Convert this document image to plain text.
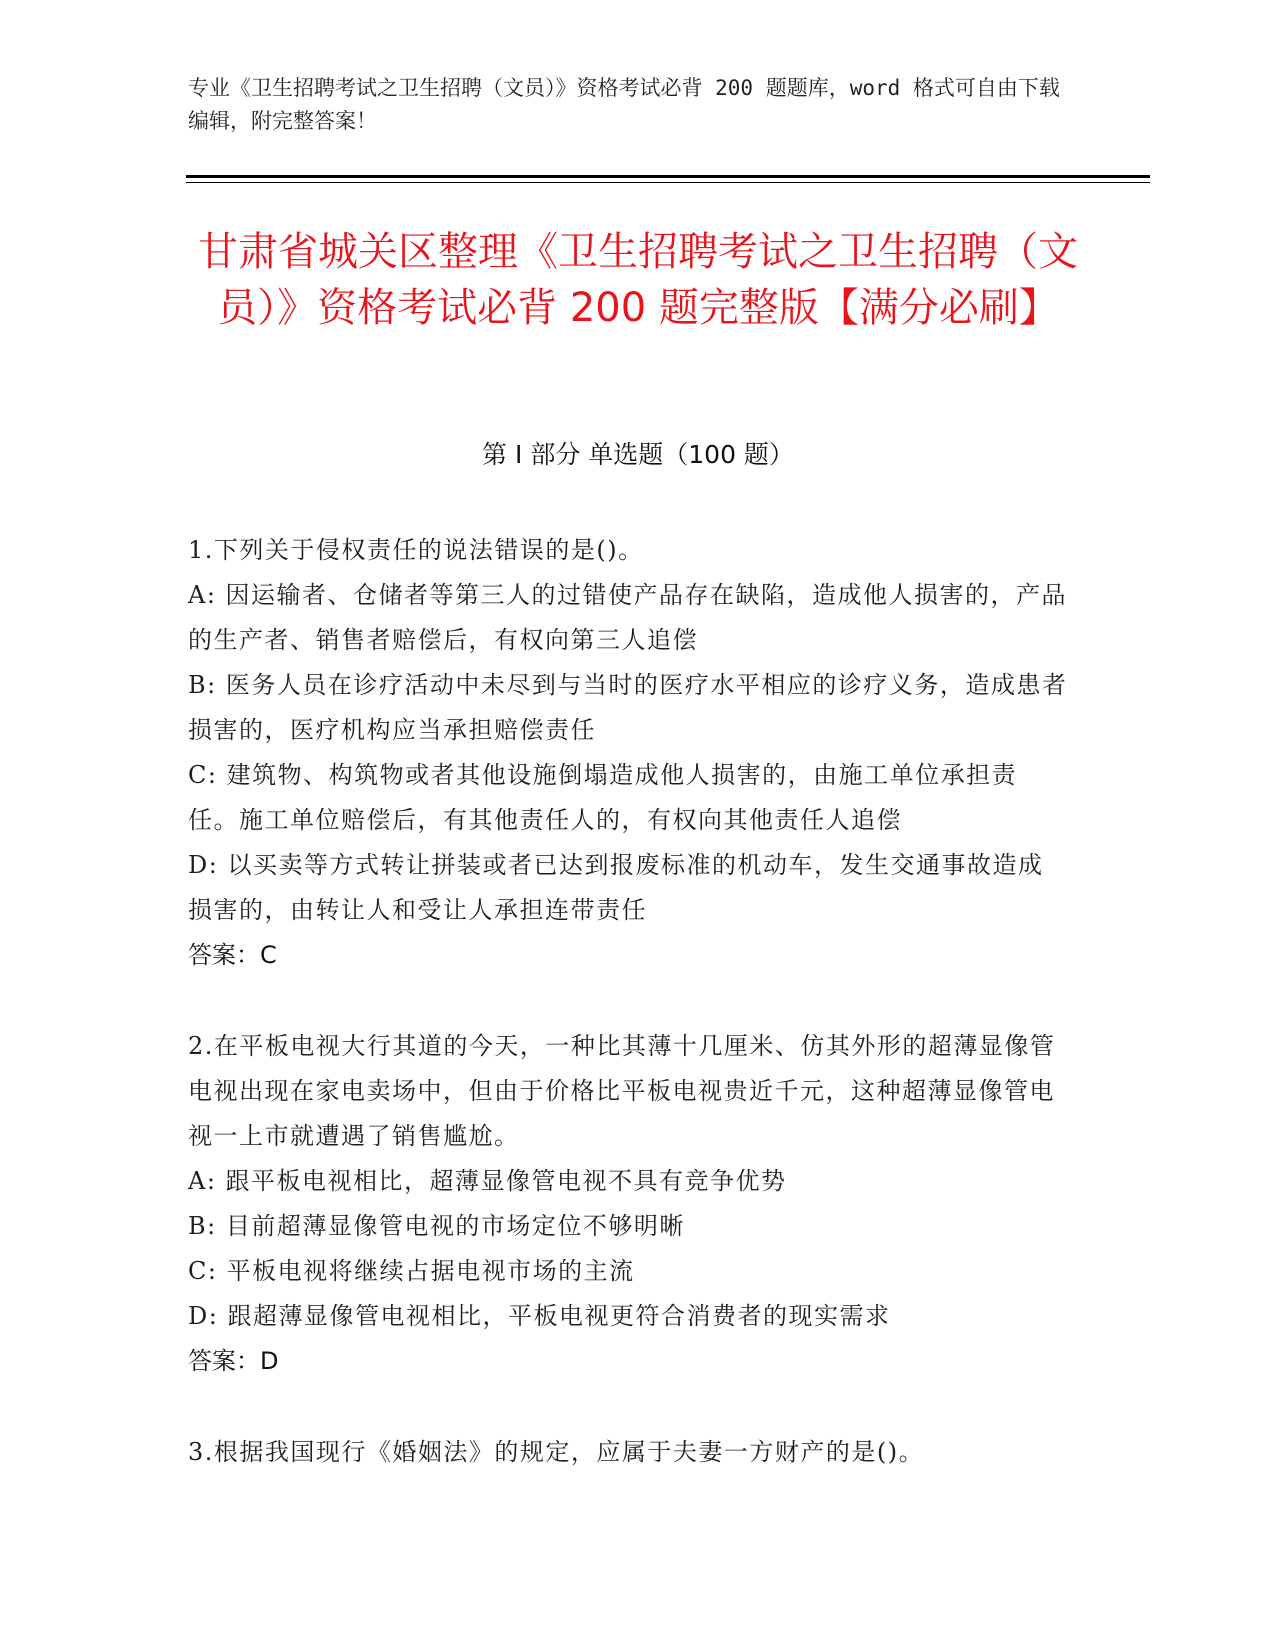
专业《卫生招聘考试之卫生招聘（文员）》资格考试必背 200 题题库，word 格式可自由下载编辑，附完整答案！
甘肃省城关区整理《卫生招聘考试之卫生招聘（文员）》资格考试必背 200 题完整版【满分必刷】
第 I 部分 单选题（100 题）
1.下列关于侵权责任的说法错误的是()。
A: 因运输者、仓储者等第三人的过错使产品存在缺陷，造成他人损害的，产品的生产者、销售者赔偿后，有权向第三人追偿
B: 医务人员在诊疗活动中未尽到与当时的医疗水平相应的诊疗义务，造成患者损害的，医疗机构应当承担赔偿责任
C: 建筑物、构筑物或者其他设施倒塌造成他人损害的，由施工单位承担责任。施工单位赔偿后，有其他责任人的，有权向其他责任人追偿
D: 以买卖等方式转让拼装或者已达到报废标准的机动车，发生交通事故造成损害的，由转让人和受让人承担连带责任
答案：C
2.在平板电视大行其道的今天，一种比其薄十几厘米、仿其外形的超薄显像管电视出现在家电卖场中，但由于价格比平板电视贵近千元，这种超薄显像管电视一上市就遭遇了销售尴尬。
A: 跟平板电视相比，超薄显像管电视不具有竞争优势
B: 目前超薄显像管电视的市场定位不够明晰
C: 平板电视将继续占据电视市场的主流
D: 跟超薄显像管电视相比，平板电视更符合消费者的现实需求
答案：D
3.根据我国现行《婚姻法》的规定，应属于夫妻一方财产的是()。
